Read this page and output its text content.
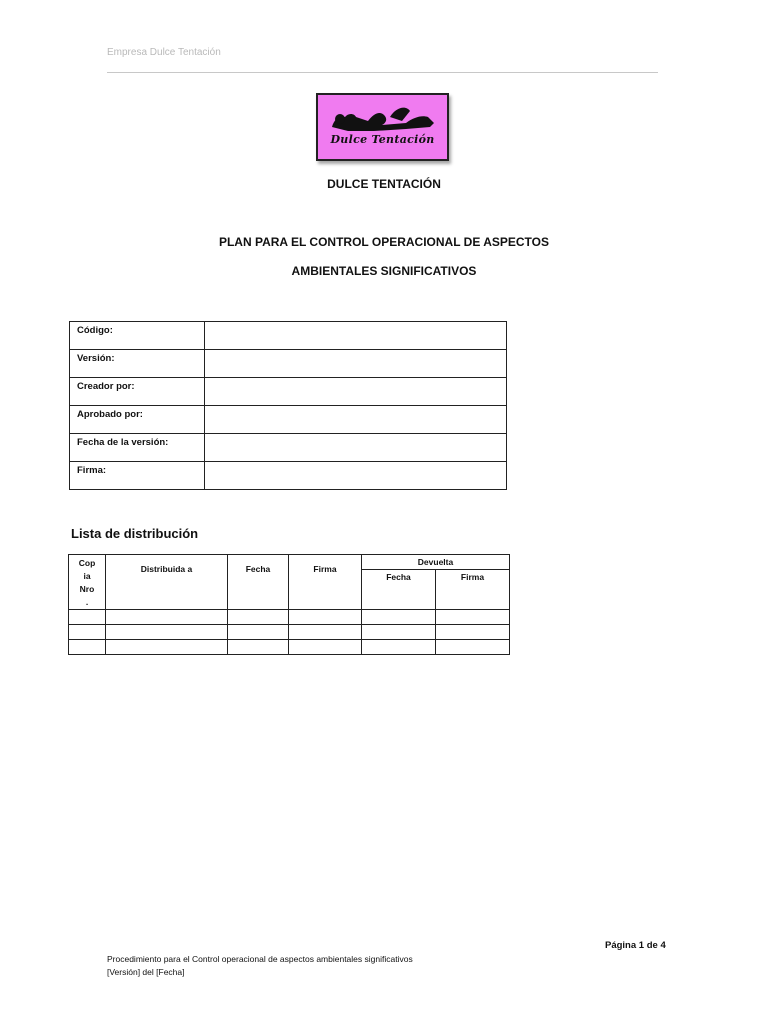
Empresa Dulce Tentación
Dulce Tentación
DULCE TENTACIÓN
PLAN PARA EL CONTROL OPERACIONAL DE ASPECTOS
AMBIENTALES SIGNIFICATIVOS
Código:	
Versión:	
Creador por:	
Aprobado por:	
Fecha de la versión:	
Firma:	
Lista de distribución
Cop
ia
Nro
.	Distribuida a	Fecha	Firma	Devuelta	
				Fecha	Firma

Página 1 de 4
Procedimiento para el Control operacional de aspectos ambientales significativos
[Versión] del [Fecha]
